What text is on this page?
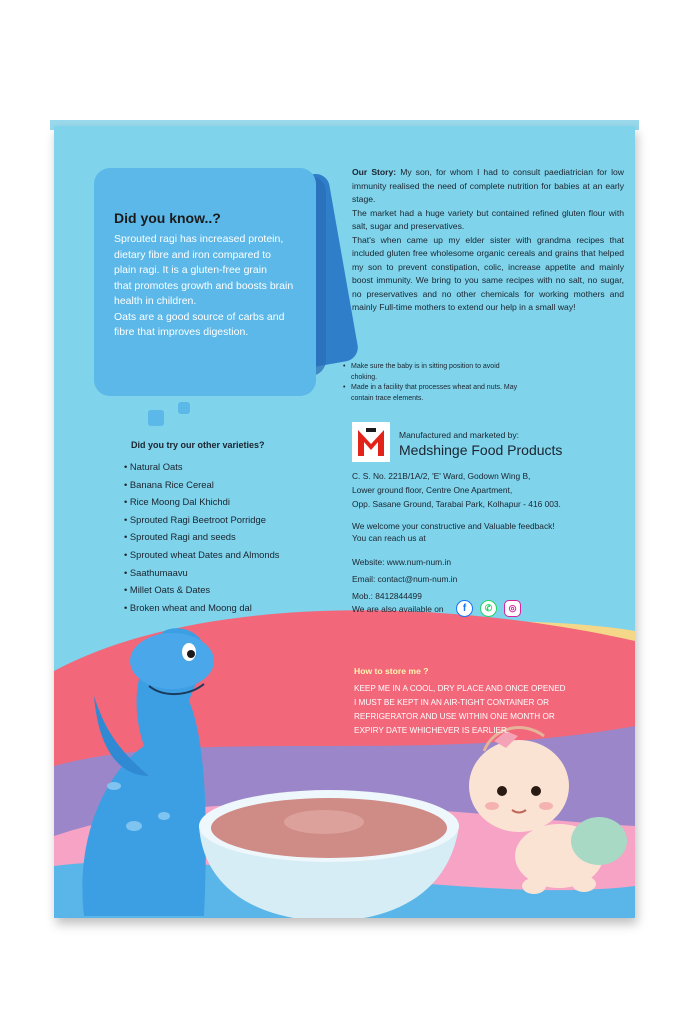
Did you know..?
Sprouted ragi has increased protein,
dietary fibre and iron compared to
plain ragi. It is a gluten-free grain
that promotes growth and boosts brain
health in children.
Oats are a good source of carbs and
fibre that improves digestion.
Our Story: My son, for whom I had to consult paediatrician for low immunity realised the need of complete nutrition for babies at an early stage.
The market had a huge variety but contained refined gluten flour with salt, sugar and preservatives.
That's when came up my elder sister with grandma recipes that included gluten free wholesome organic cereals and grains that helped my son to prevent constipation, colic, increase appetite and mainly boost immunity. We bring to you same recipes with no salt, no sugar, no preservatives and no other chemicals for working mothers and mainly Full-time mothers to extend our help in a small way!
• Make sure the baby is in sitting position to avoid choking.
• Made in a facility that processes wheat and nuts. May contain trace elements.
Did you try our other varieties?
• Natural Oats
• Banana Rice Cereal
• Rice Moong Dal Khichdi
• Sprouted Ragi Beetroot Porridge
• Sprouted Ragi and seeds
• Sprouted wheat Dates and Almonds
• Saathumaavu
• Millet Oats & Dates
• Broken wheat and Moong dal
Manufactured and marketed by:
Medshinge Food Products
C. S. No. 221B/1A/2, 'E' Ward, Godown Wing B,
Lower ground floor, Centre One Apartment,
Opp. Sasane Ground, Tarabai Park, Kolhapur - 416 003.
We welcome your constructive and Valuable feedback!
You can reach us at
Website: www.num-num.in
Email: contact@num-num.in
Mob.: 8412844499
We are also available on	f	✆	◎
How to store me ?
KEEP ME IN A COOL, DRY PLACE AND ONCE OPENED
I MUST BE KEPT IN AN AIR-TIGHT CONTAINER OR
REFRIGERATOR AND USE WITHIN ONE MONTH OR
EXPIRY DATE WHICHEVER IS EARLIER.
